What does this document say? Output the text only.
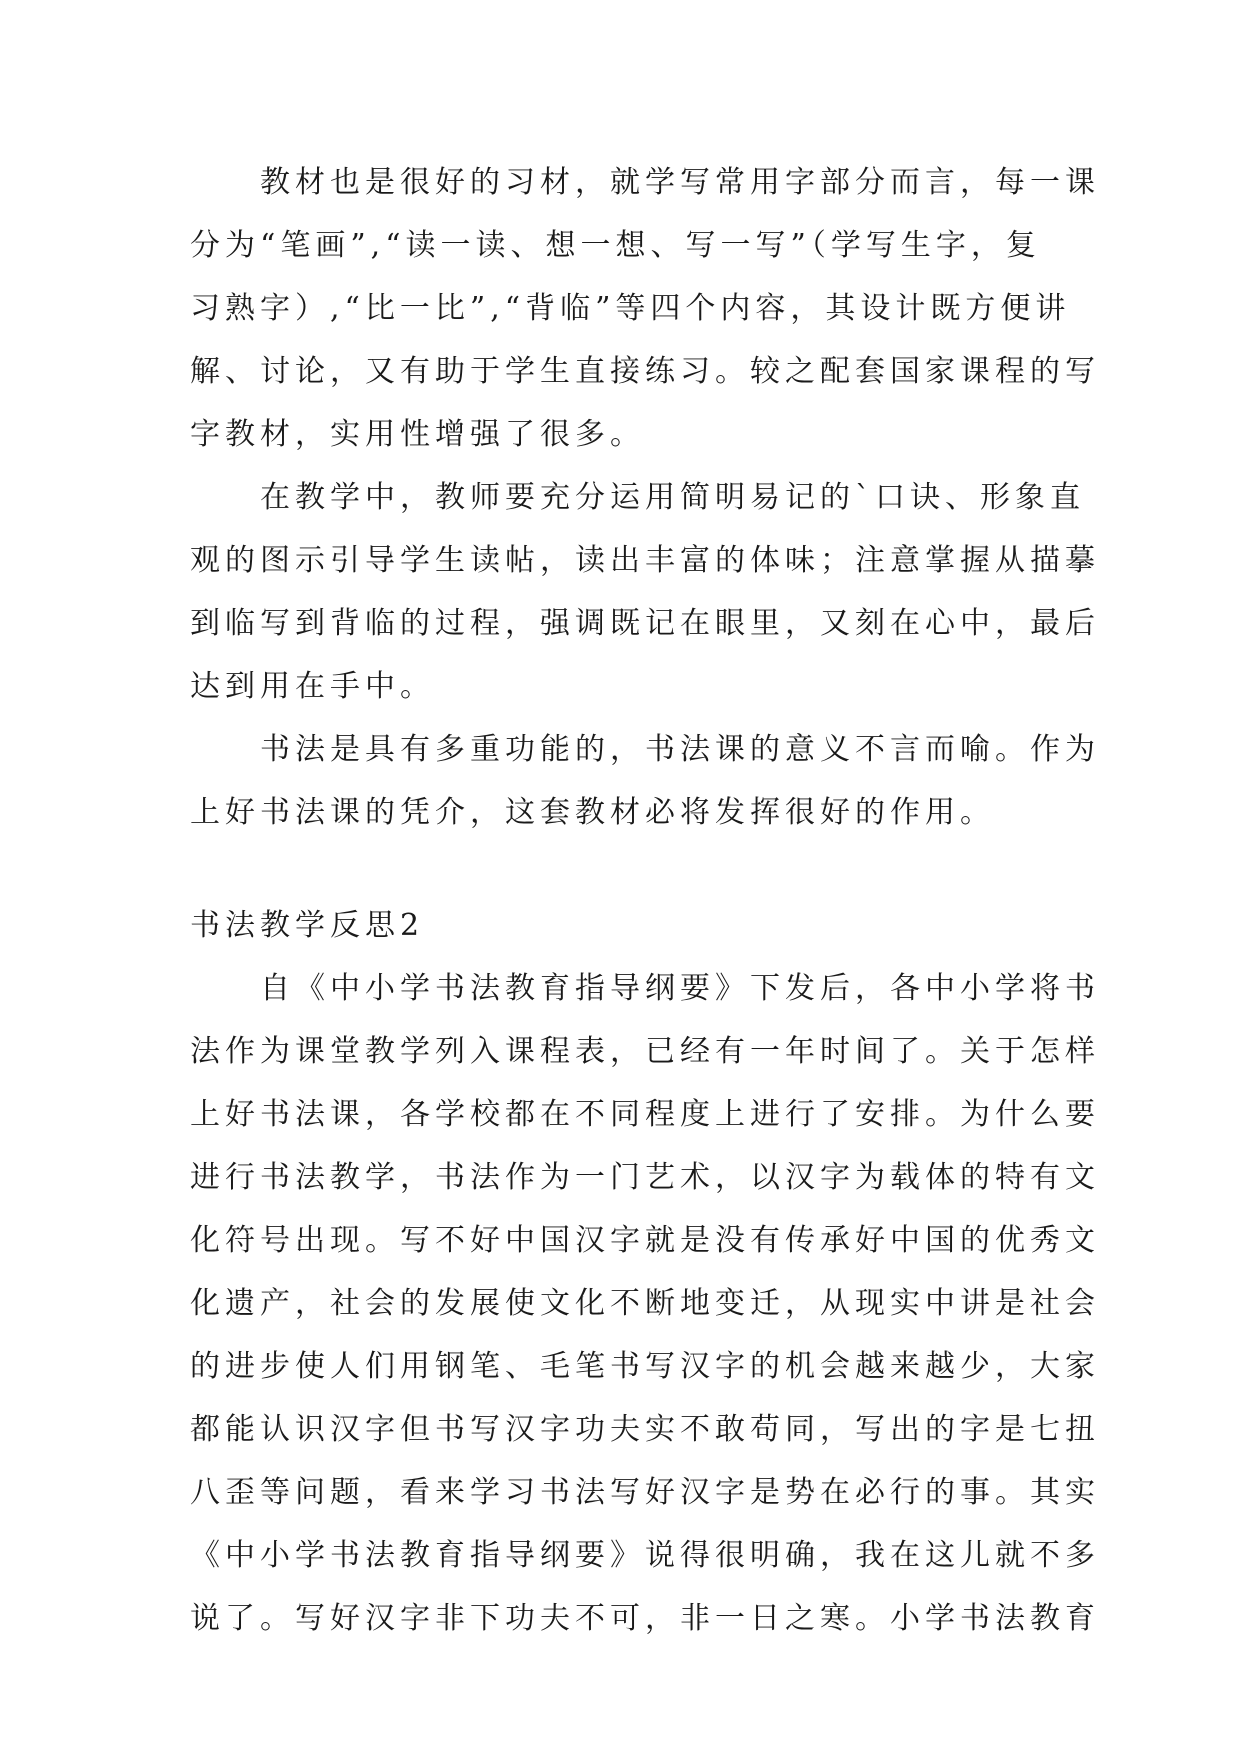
教材也是很好的习材，就学写常用字部分而言，每一课
分为“笔画”,“读一读、想一想、写一写”（学写生字，复
习熟字）,“比一比”,“背临”等四个内容，其设计既方便讲
解、讨论，又有助于学生直接练习。较之配套国家课程的写
字教材，实用性增强了很多。
在教学中，教师要充分运用简明易记的`口诀、形象直
观的图示引导学生读帖，读出丰富的体味；注意掌握从描摹
到临写到背临的过程，强调既记在眼里，又刻在心中，最后
达到用在手中。
书法是具有多重功能的，书法课的意义不言而喻。作为
上好书法课的凭介，这套教材必将发挥很好的作用。
书法教学反思2
自《中小学书法教育指导纲要》下发后，各中小学将书
法作为课堂教学列入课程表，已经有一年时间了。关于怎样
上好书法课，各学校都在不同程度上进行了安排。为什么要
进行书法教学，书法作为一门艺术，以汉字为载体的特有文
化符号出现。写不好中国汉字就是没有传承好中国的优秀文
化遗产，社会的发展使文化不断地变迁，从现实中讲是社会
的进步使人们用钢笔、毛笔书写汉字的机会越来越少，大家
都能认识汉字但书写汉字功夫实不敢苟同，写出的字是七扭
八歪等问题，看来学习书法写好汉字是势在必行的事。其实
《中小学书法教育指导纲要》说得很明确，我在这儿就不多
说了。写好汉字非下功夫不可，非一日之寒。小学书法教育
